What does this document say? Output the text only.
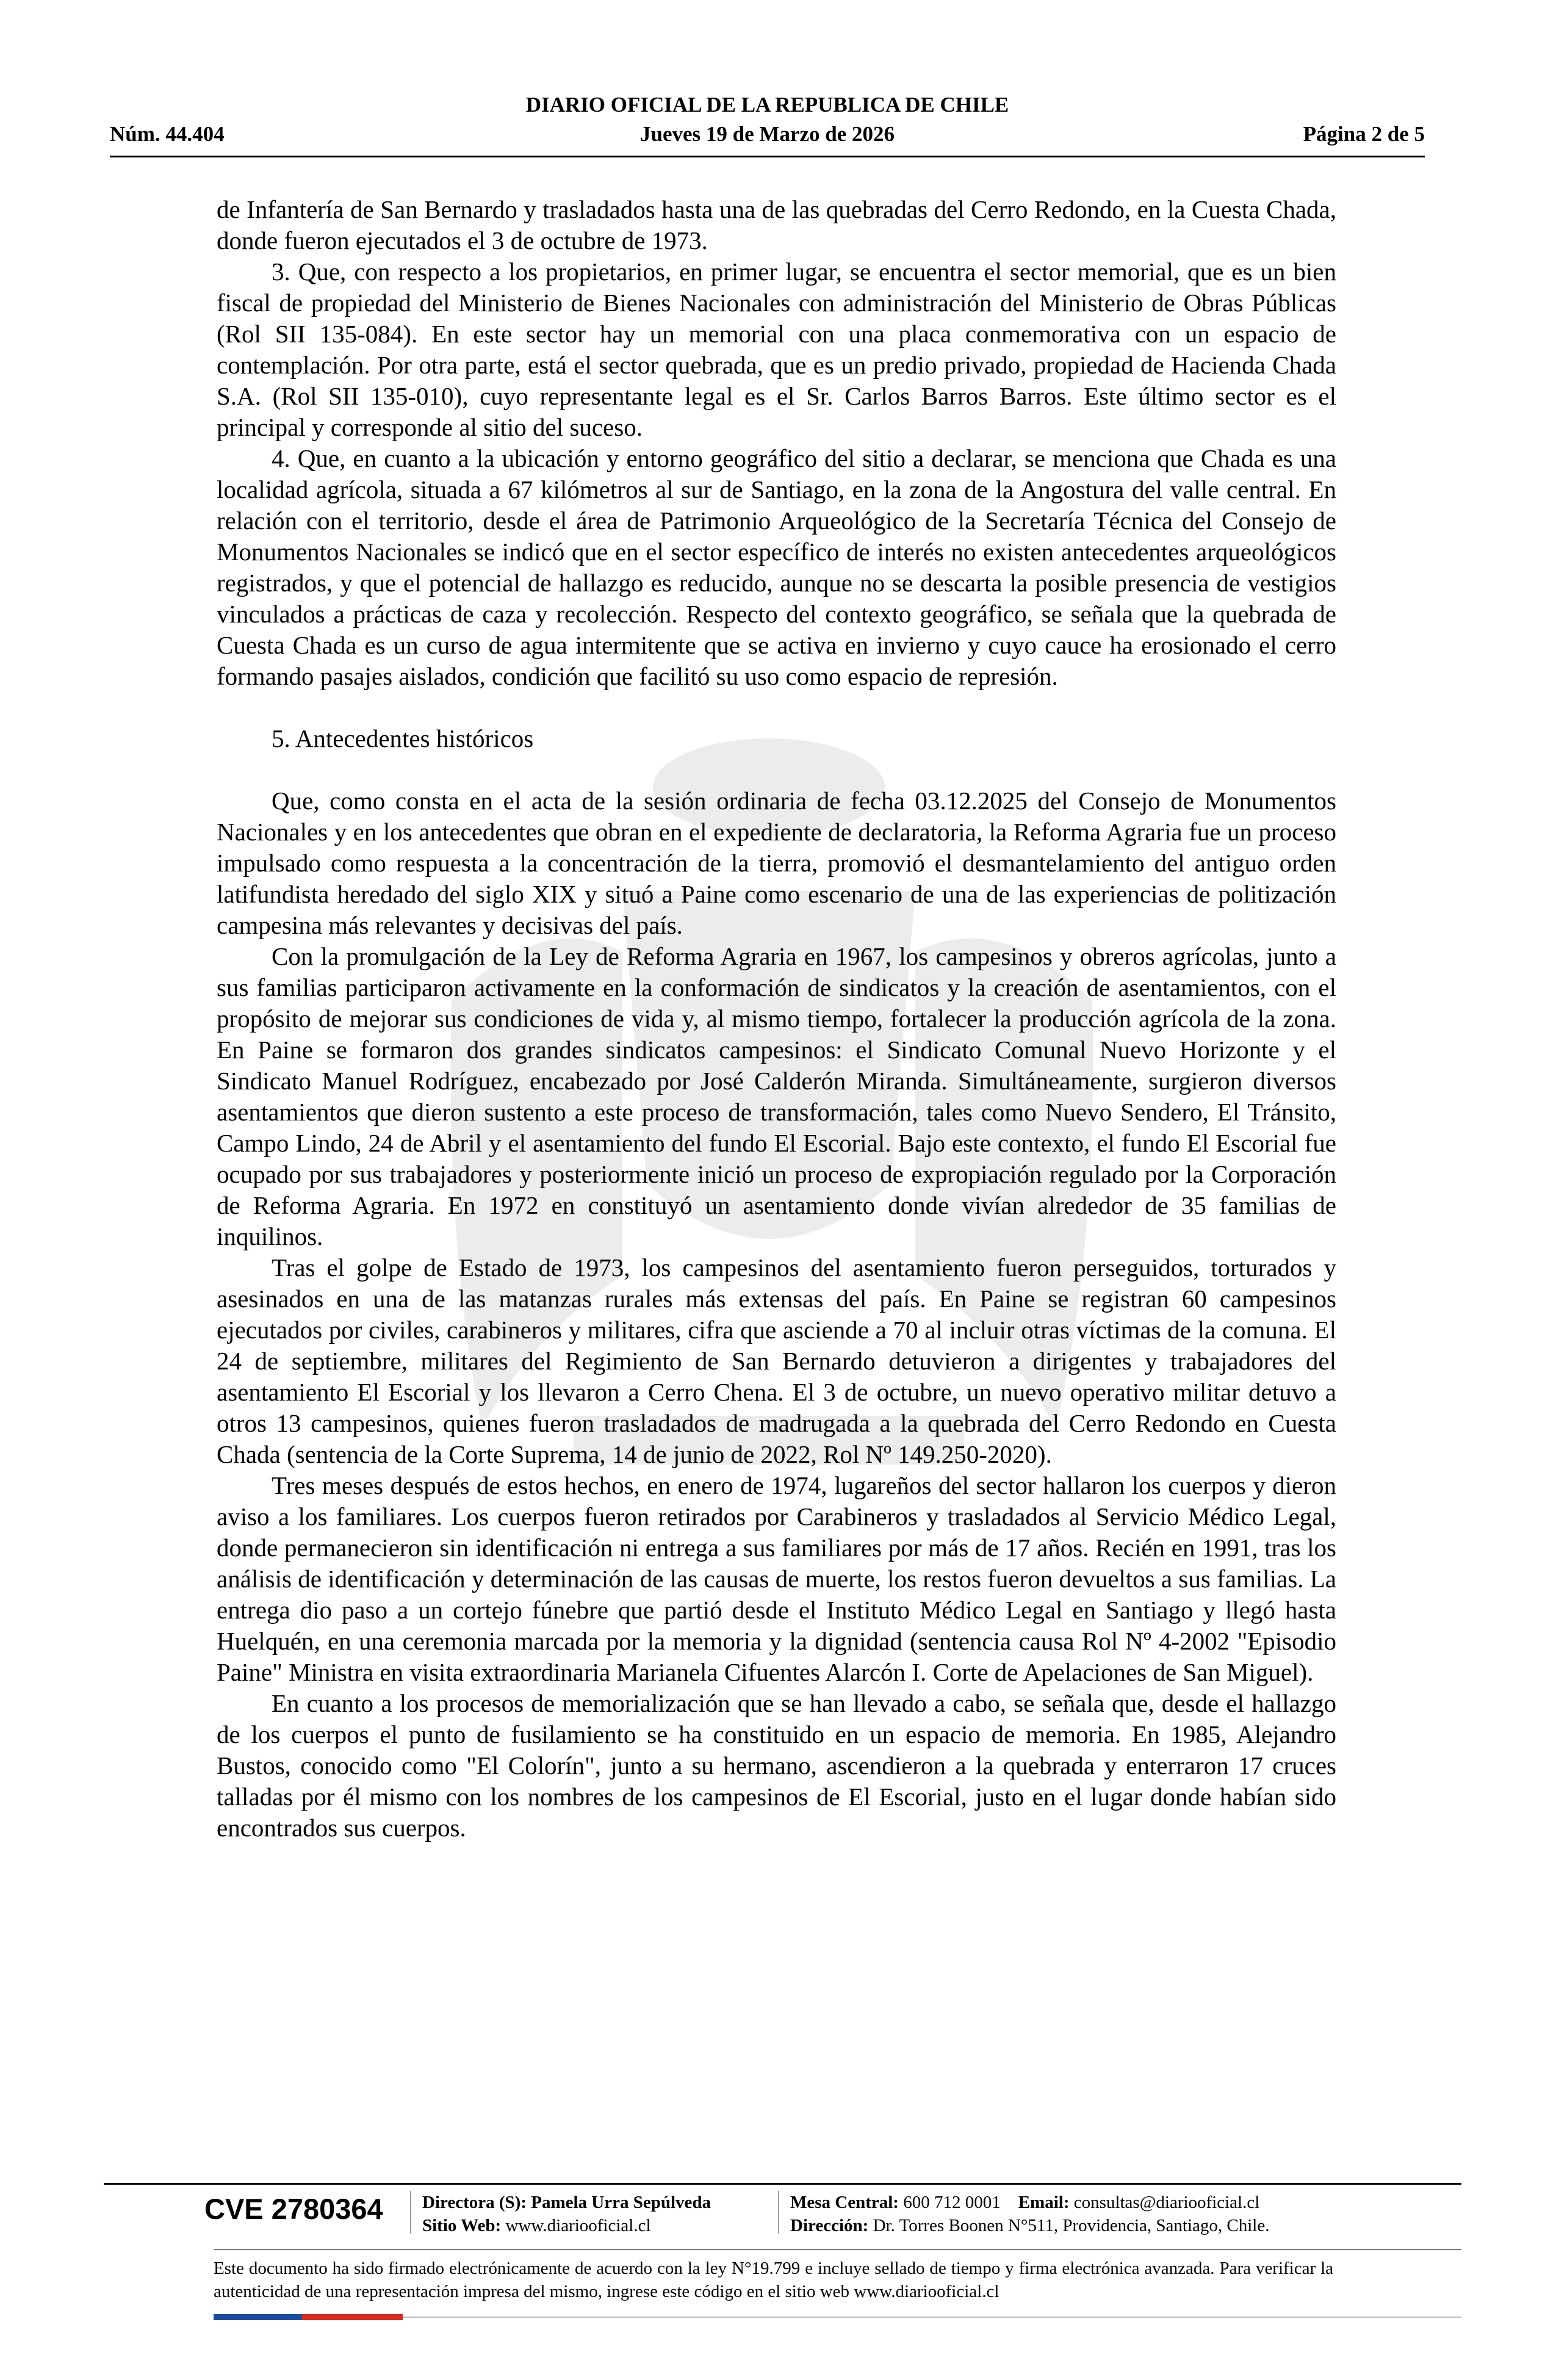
DIARIO OFICIAL DE LA REPUBLICA DE CHILE
Núm. 44.404	Jueves 19 de Marzo de 2026	Página 2 de 5

de Infantería de San Bernardo y trasladados hasta una de las quebradas del Cerro Redondo, en la Cuesta Chada, donde fueron ejecutados el 3 de octubre de 1973.

3. Que, con respecto a los propietarios, en primer lugar, se encuentra el sector memorial, que es un bien fiscal de propiedad del Ministerio de Bienes Nacionales con administración del Ministerio de Obras Públicas (Rol SII 135-084). En este sector hay un memorial con una placa conmemorativa con un espacio de contemplación. Por otra parte, está el sector quebrada, que es un predio privado, propiedad de Hacienda Chada S.A. (Rol SII 135-010), cuyo representante legal es el Sr. Carlos Barros Barros. Este último sector es el principal y corresponde al sitio del suceso.

4. Que, en cuanto a la ubicación y entorno geográfico del sitio a declarar, se menciona que Chada es una localidad agrícola, situada a 67 kilómetros al sur de Santiago, en la zona de la Angostura del valle central. En relación con el territorio, desde el área de Patrimonio Arqueológico de la Secretaría Técnica del Consejo de Monumentos Nacionales se indicó que en el sector específico de interés no existen antecedentes arqueológicos registrados, y que el potencial de hallazgo es reducido, aunque no se descarta la posible presencia de vestigios vinculados a prácticas de caza y recolección. Respecto del contexto geográfico, se señala que la quebrada de Cuesta Chada es un curso de agua intermitente que se activa en invierno y cuyo cauce ha erosionado el cerro formando pasajes aislados, condición que facilitó su uso como espacio de represión.

5. Antecedentes históricos

Que, como consta en el acta de la sesión ordinaria de fecha 03.12.2025 del Consejo de Monumentos Nacionales y en los antecedentes que obran en el expediente de declaratoria, la Reforma Agraria fue un proceso impulsado como respuesta a la concentración de la tierra, promovió el desmantelamiento del antiguo orden latifundista heredado del siglo XIX y situó a Paine como escenario de una de las experiencias de politización campesina más relevantes y decisivas del país.

Con la promulgación de la Ley de Reforma Agraria en 1967, los campesinos y obreros agrícolas, junto a sus familias participaron activamente en la conformación de sindicatos y la creación de asentamientos, con el propósito de mejorar sus condiciones de vida y, al mismo tiempo, fortalecer la producción agrícola de la zona. En Paine se formaron dos grandes sindicatos campesinos: el Sindicato Comunal Nuevo Horizonte y el Sindicato Manuel Rodríguez, encabezado por José Calderón Miranda. Simultáneamente, surgieron diversos asentamientos que dieron sustento a este proceso de transformación, tales como Nuevo Sendero, El Tránsito, Campo Lindo, 24 de Abril y el asentamiento del fundo El Escorial. Bajo este contexto, el fundo El Escorial fue ocupado por sus trabajadores y posteriormente inició un proceso de expropiación regulado por la Corporación de Reforma Agraria. En 1972 en constituyó un asentamiento donde vivían alrededor de 35 familias de inquilinos.

Tras el golpe de Estado de 1973, los campesinos del asentamiento fueron perseguidos, torturados y asesinados en una de las matanzas rurales más extensas del país. En Paine se registran 60 campesinos ejecutados por civiles, carabineros y militares, cifra que asciende a 70 al incluir otras víctimas de la comuna. El 24 de septiembre, militares del Regimiento de San Bernardo detuvieron a dirigentes y trabajadores del asentamiento El Escorial y los llevaron a Cerro Chena. El 3 de octubre, un nuevo operativo militar detuvo a otros 13 campesinos, quienes fueron trasladados de madrugada a la quebrada del Cerro Redondo en Cuesta Chada (sentencia de la Corte Suprema, 14 de junio de 2022, Rol Nº 149.250-2020).

Tres meses después de estos hechos, en enero de 1974, lugareños del sector hallaron los cuerpos y dieron aviso a los familiares. Los cuerpos fueron retirados por Carabineros y trasladados al Servicio Médico Legal, donde permanecieron sin identificación ni entrega a sus familiares por más de 17 años. Recién en 1991, tras los análisis de identificación y determinación de las causas de muerte, los restos fueron devueltos a sus familias. La entrega dio paso a un cortejo fúnebre que partió desde el Instituto Médico Legal en Santiago y llegó hasta Huelquén, en una ceremonia marcada por la memoria y la dignidad (sentencia causa Rol Nº 4-2002 "Episodio Paine" Ministra en visita extraordinaria Marianela Cifuentes Alarcón I. Corte de Apelaciones de San Miguel).

En cuanto a los procesos de memorialización que se han llevado a cabo, se señala que, desde el hallazgo de los cuerpos el punto de fusilamiento se ha constituido en un espacio de memoria. En 1985, Alejandro Bustos, conocido como "El Colorín", junto a su hermano, ascendieron a la quebrada y enterraron 17 cruces talladas por él mismo con los nombres de los campesinos de El Escorial, justo en el lugar donde habían sido encontrados sus cuerpos.

CVE 2780364 Directora (S): Pamela Urra Sepúlveda
Sitio Web: www.diariooficial.cl
Mesa Central: 600 712 0001 Email: consultas@diariooficial.cl
Dirección: Dr. Torres Boonen N°511, Providencia, Santiago, Chile.
Este documento ha sido firmado electrónicamente de acuerdo con la ley N°19.799 e incluye sellado de tiempo y firma electrónica avanzada. Para verificar la autenticidad de una representación impresa del mismo, ingrese este código en el sitio web www.diariooficial.cl
